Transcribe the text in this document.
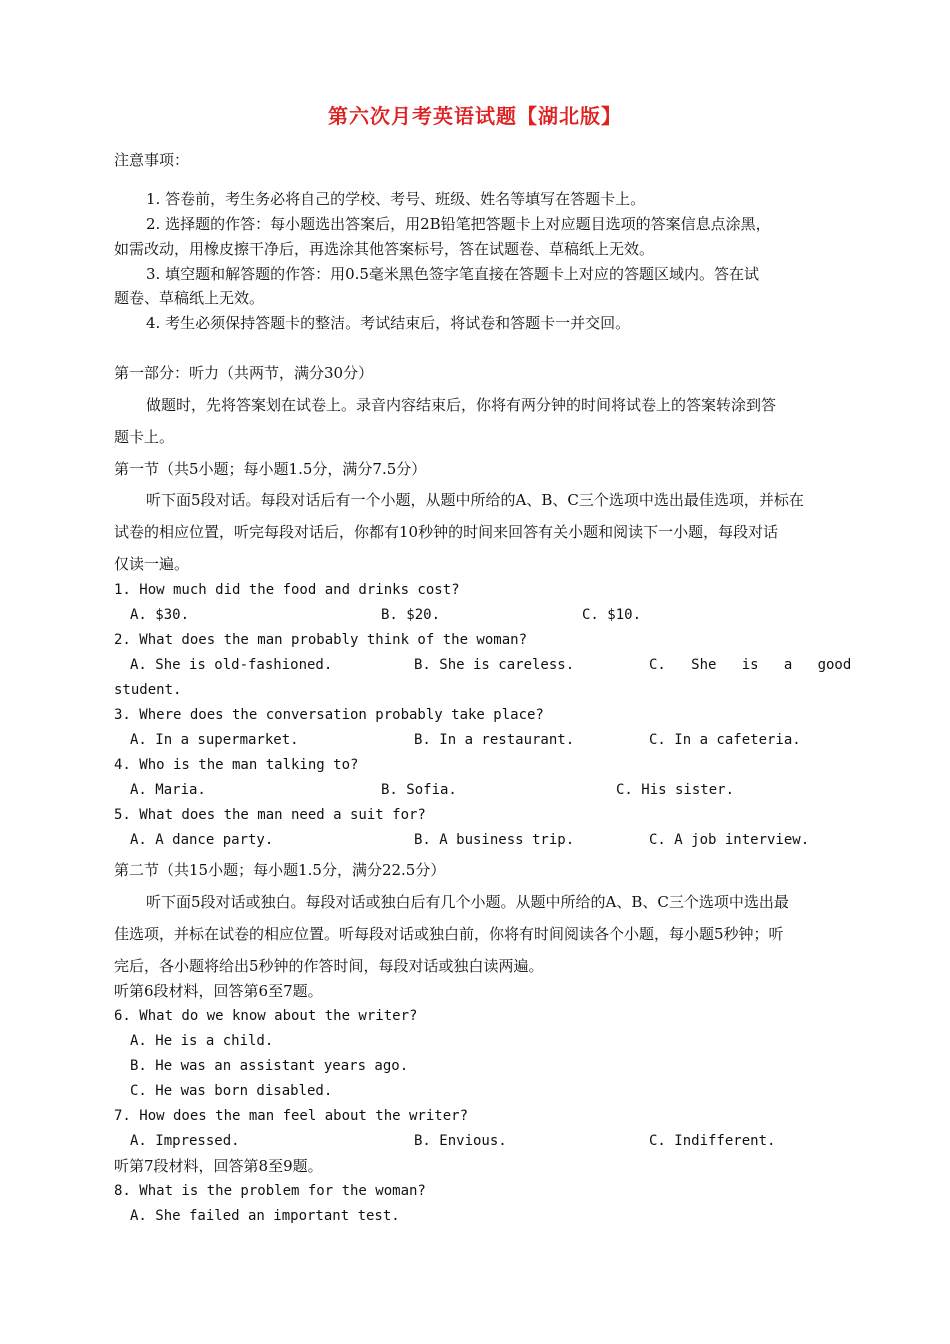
第六次月考英语试题【湖北版】
注意事项：
1. 答卷前，考生务必将自己的学校、考号、班级、姓名等填写在答题卡上。
2. 选择题的作答：每小题选出答案后，用2B铅笔把答题卡上对应题目选项的答案信息点涂黑，
如需改动，用橡皮擦干净后，再选涂其他答案标号，答在试题卷、草稿纸上无效。
3. 填空题和解答题的作答：用0.5毫米黑色签字笔直接在答题卡上对应的答题区域内。答在试
题卷、草稿纸上无效。
4. 考生必须保持答题卡的整洁。考试结束后，将试卷和答题卡一并交回。
第一部分：听力（共两节，满分30分）
做题时，先将答案划在试卷上。录音内容结束后，你将有两分钟的时间将试卷上的答案转涂到答
题卡上。
第一节（共5小题；每小题1.5分，满分7.5分）
听下面5段对话。每段对话后有一个小题，从题中所给的A、B、C三个选项中选出最佳选项，并标在
试卷的相应位置，听完每段对话后，你都有10秒钟的时间来回答有关小题和阅读下一小题，每段对话
仅读一遍。
1. How much did the food and drinks cost?
A. $30.	B. $20.	C. $10.
2. What does the man probably think of the woman?
A. She is old-fashioned.	B. She is careless.	C.   She   is   a   good
student.
3. Where does the conversation probably take place?
A. In a supermarket.	B. In a restaurant.	C. In a cafeteria.
4. Who is the man talking to?
A. Maria.	B. Sofia.	C. His sister.
5. What does the man need a suit for?
A. A dance party.	B. A business trip.	C. A job interview.
第二节（共15小题；每小题1.5分，满分22.5分）
听下面5段对话或独白。每段对话或独白后有几个小题。从题中所给的A、B、C三个选项中选出最
佳选项，并标在试卷的相应位置。听每段对话或独白前，你将有时间阅读各个小题，每小题5秒钟；听
完后，各小题将给出5秒钟的作答时间，每段对话或独白读两遍。
听第6段材料，回答第6至7题。
6. What do we know about the writer?
A. He is a child.
B. He was an assistant years ago.
C. He was born disabled.
7. How does the man feel about the writer?
A. Impressed.	B. Envious.	C. Indifferent.
听第7段材料，回答第8至9题。
8. What is the problem for the woman?
A. She failed an important test.
